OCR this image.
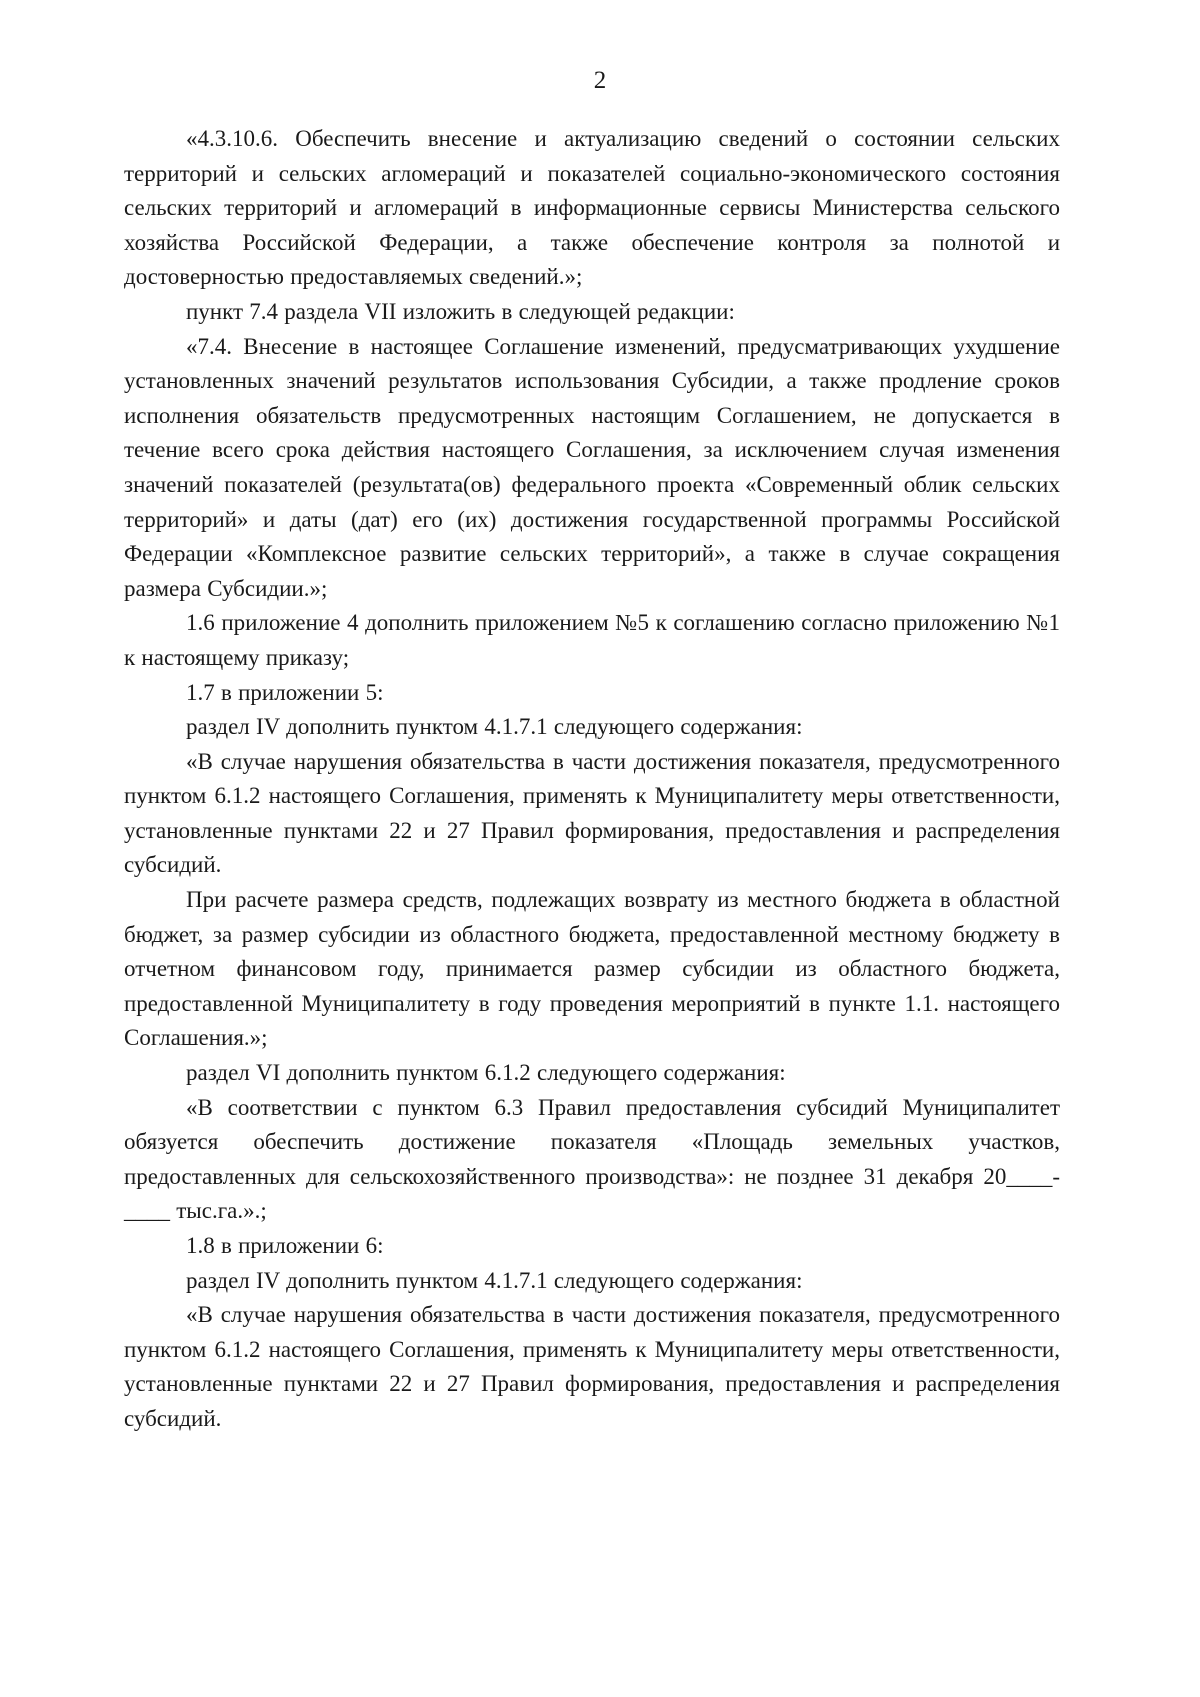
2

«4.3.10.6. Обеспечить внесение и актуализацию сведений о состоянии сельских территорий и сельских агломераций и показателей социально-экономического состояния сельских территорий и агломераций в информационные сервисы Министерства сельского хозяйства Российской Федерации, а также обеспечение контроля за полнотой и достоверностью предоставляемых сведений.»;

пункт 7.4 раздела VII изложить в следующей редакции:

«7.4. Внесение в настоящее Соглашение изменений, предусматривающих ухудшение установленных значений результатов использования Субсидии, а также продление сроков исполнения обязательств предусмотренных настоящим Соглашением, не допускается в течение всего срока действия настоящего Соглашения, за исключением случая изменения значений показателей (результата(ов) федерального проекта «Современный облик сельских территорий» и даты (дат) его (их) достижения государственной программы Российской Федерации «Комплексное развитие сельских территорий», а также в случае сокращения размера Субсидии.»;

1.6 приложение 4 дополнить приложением №5 к соглашению согласно приложению №1 к настоящему приказу;

1.7 в приложении 5:

раздел IV дополнить пунктом 4.1.7.1 следующего содержания:

«В случае нарушения обязательства в части достижения показателя, предусмотренного пунктом 6.1.2 настоящего Соглашения, применять к Муниципалитету меры ответственности, установленные пунктами 22 и 27 Правил формирования, предоставления и распределения субсидий.

При расчете размера средств, подлежащих возврату из местного бюджета в областной бюджет, за размер субсидии из областного бюджета, предоставленной местному бюджету в отчетном финансовом году, принимается размер субсидии из областного бюджета, предоставленной Муниципалитету в году проведения мероприятий в пункте 1.1. настоящего Соглашения.»;

раздел VI дополнить пунктом 6.1.2 следующего содержания:

«В соответствии с пунктом 6.3 Правил предоставления субсидий Муниципалитет обязуется обеспечить достижение показателя «Площадь земельных участков, предоставленных для сельскохозяйственного производства»: не позднее 31 декабря 20____- ____ тыс.га.».;

1.8 в приложении 6:

раздел IV дополнить пунктом 4.1.7.1 следующего содержания:

«В случае нарушения обязательства в части достижения показателя, предусмотренного пунктом 6.1.2 настоящего Соглашения, применять к Муниципалитету меры ответственности, установленные пунктами 22 и 27 Правил формирования, предоставления и распределения субсидий.
